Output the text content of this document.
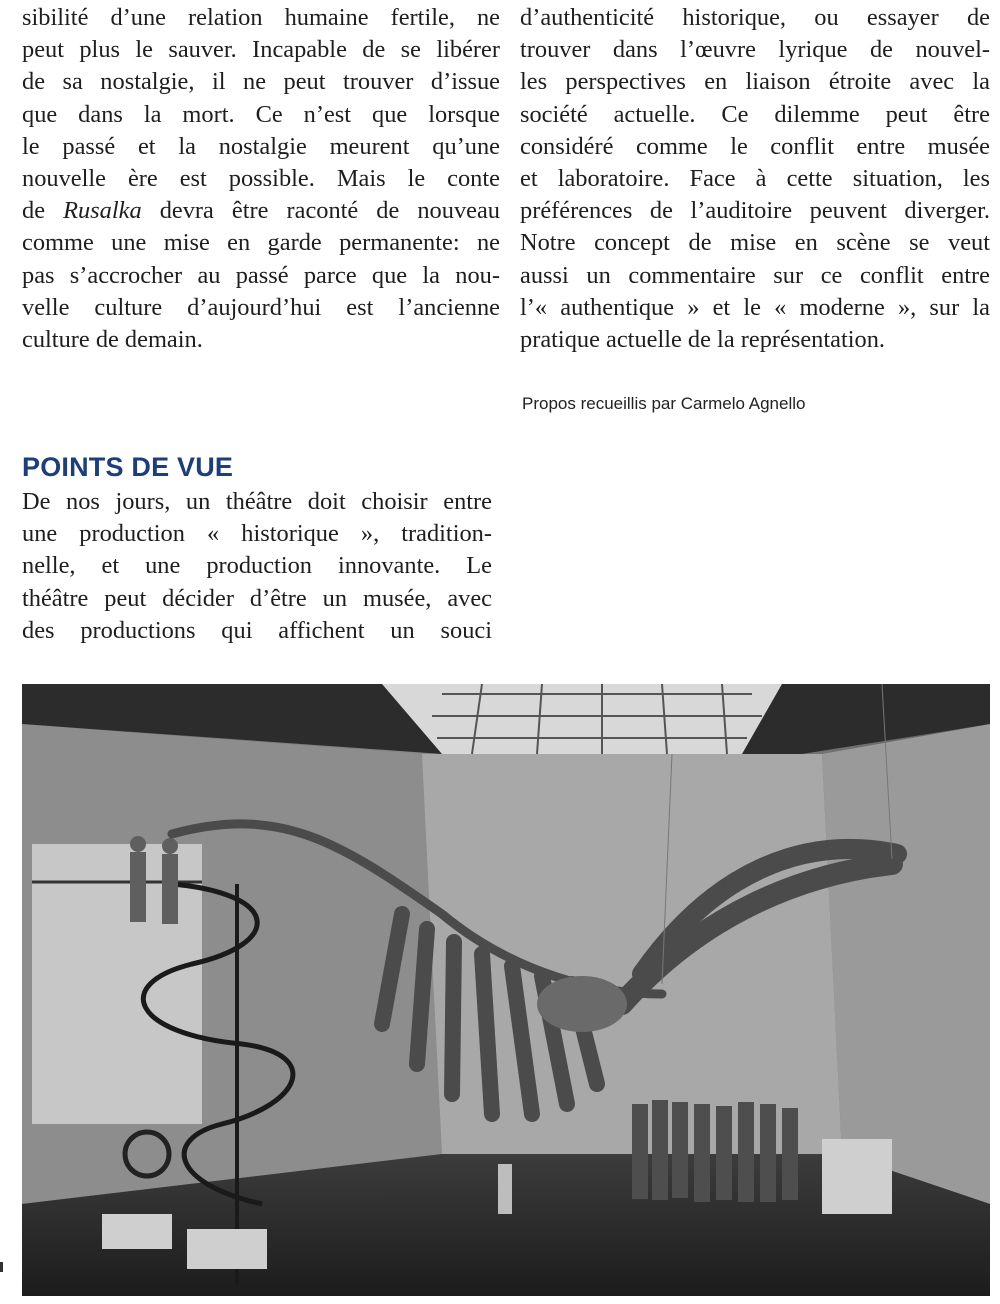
sibilité d’une relation humaine fertile, ne
peut plus le sauver. Incapable de se libérer
de sa nostalgie, il ne peut trouver d’issue
que dans la mort. Ce n’est que lorsque
le passé et la nostalgie meurent qu’une
nouvelle ère est possible. Mais le conte
de Rusalka devra être raconté de nouveau
comme une mise en garde permanente: ne
pas s’accrocher au passé parce que la nou-
velle culture d’aujourd’hui est l’ancienne
culture de demain.
d’authenticité historique, ou essayer de
trouver dans l’œuvre lyrique de nouvel-
les perspectives en liaison étroite avec la
société actuelle. Ce dilemme peut être
considéré comme le conflit entre musée
et laboratoire. Face à cette situation, les
préférences de l’auditoire peuvent diverger.
Notre concept de mise en scène se veut
aussi un commentaire sur ce conflit entre
l’« authentique » et le « moderne », sur la
pratique actuelle de la représentation.
Propos recueillis par Carmelo Agnello
POINTS DE VUE
De nos jours, un théâtre doit choisir entre
une production « historique », tradition-
nelle, et une production innovante. Le
théâtre peut décider d’être un musée, avec
des productions qui affichent un souci
